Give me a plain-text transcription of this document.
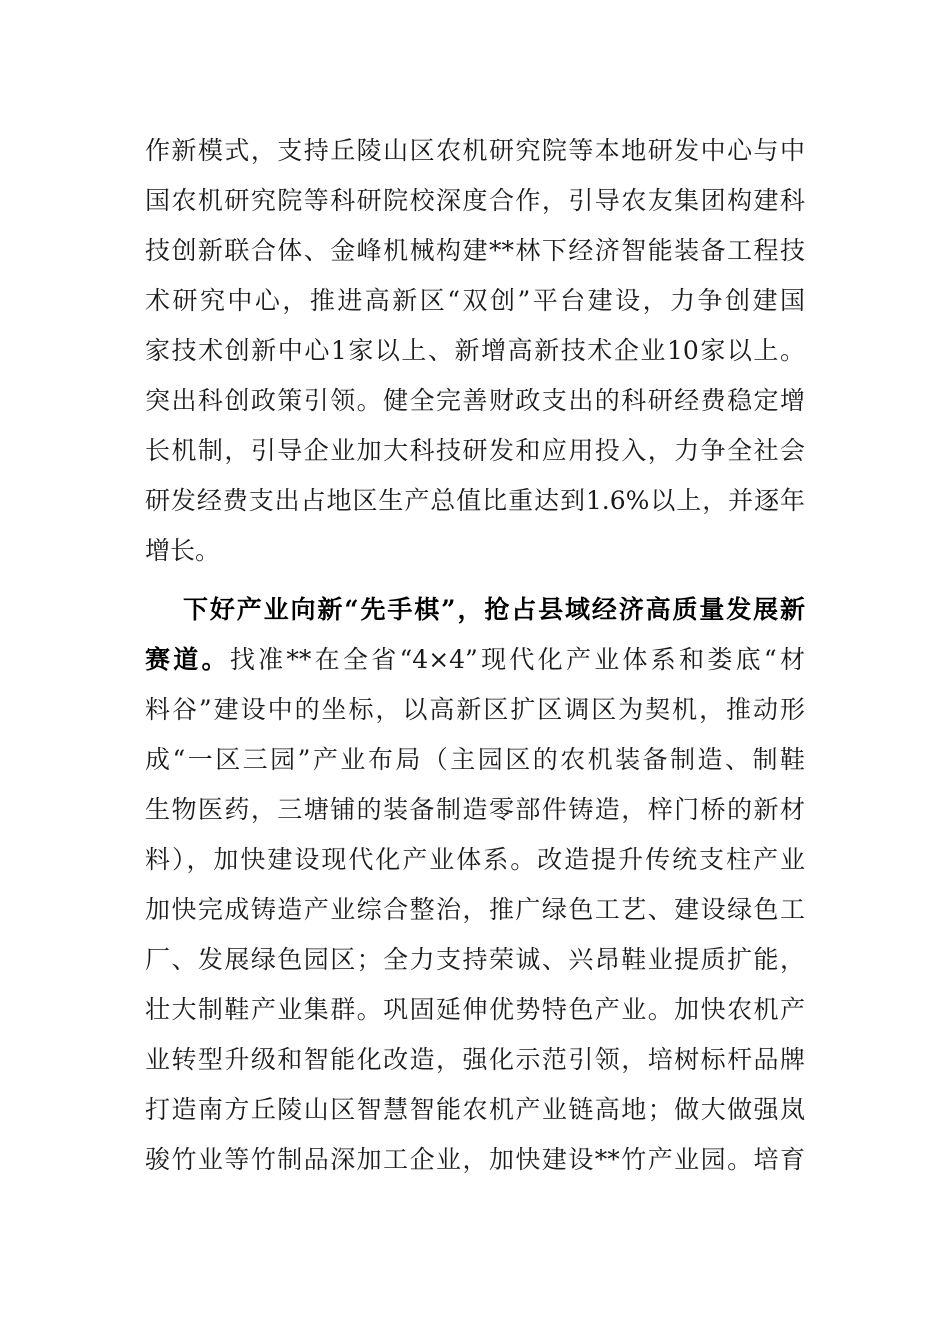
作新模式，支持丘陵山区农机研究院等本地研发中心与中
国农机研究院等科研院校深度合作，引导农友集团构建科
技创新联合体、金峰机械构建**林下经济智能装备工程技
术研究中心，推进高新区“双创”平台建设，力争创建国
家技术创新中心1家以上、新增高新技术企业10家以上。
突出科创政策引领。健全完善财政支出的科研经费稳定增
长机制，引导企业加大科技研发和应用投入，力争全社会
研发经费支出占地区生产总值比重达到1.6%以上，并逐年
增长。
下好产业向新“先手棋”，抢占县域经济高质量发展新
赛道。找准**在全省“4×4”现代化产业体系和娄底“材
料谷”建设中的坐标，以高新区扩区调区为契机，推动形
成“一区三园”产业布局（主园区的农机装备制造、制鞋
生物医药，三塘铺的装备制造零部件铸造，梓门桥的新材
料），加快建设现代化产业体系。改造提升传统支柱产业
加快完成铸造产业综合整治，推广绿色工艺、建设绿色工
厂、发展绿色园区；全力支持荣诚、兴昂鞋业提质扩能，
壮大制鞋产业集群。巩固延伸优势特色产业。加快农机产
业转型升级和智能化改造，强化示范引领，培树标杆品牌
打造南方丘陵山区智慧智能农机产业链高地；做大做强岚
骏竹业等竹制品深加工企业，加快建设**竹产业园。培育
